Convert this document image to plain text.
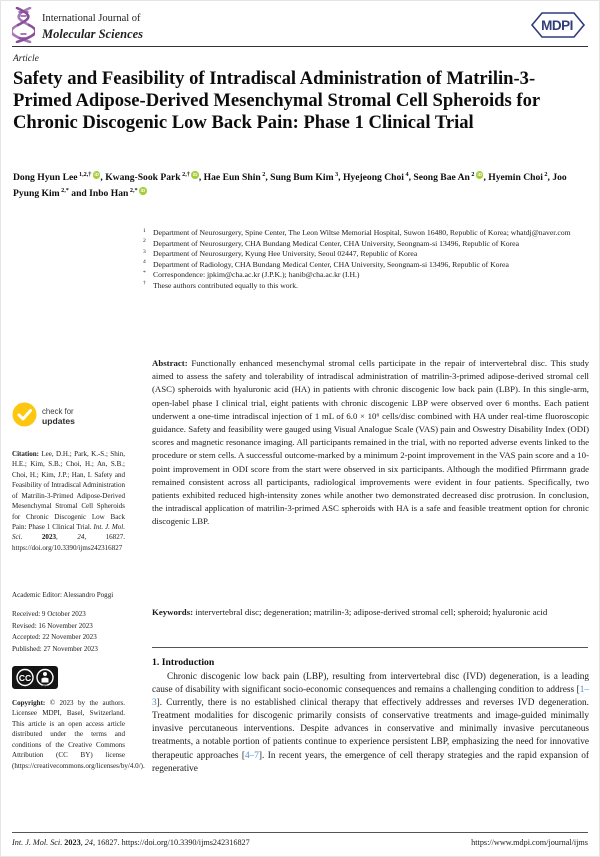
International Journal of
Molecular Sciences
MDPI
Article
Safety and Feasibility of Intradiscal Administration of Matrilin-3-Primed Adipose-Derived Mesenchymal Stromal Cell Spheroids for Chronic Discogenic Low Back Pain: Phase 1 Clinical Trial
Dong Hyun Lee $^{1,2,\dagger}$ iD , Kwang-Sook Park $^{2,\dagger}$ iD , Hae Eun Shin $^2$, Sung Bum Kim $^3$, Hyejeong Choi $^4$, Seong Bae An $^2$ iD , Hyemin Choi $^2$, Joo Pyung Kim $^{2,*}$ and Inbo Han $^{2,*}$ iD
1 Department of Neurosurgery, Spine Center, The Leon Wiltse Memorial Hospital, Suwon 16480, Republic of Korea; whatdj@naver.com
2 Department of Neurosurgery, CHA Bundang Medical Center, CHA University, Seongnam-si 13496, Republic of Korea
3 Department of Neurosurgery, Kyung Hee University, Seoul 02447, Republic of Korea
4 Department of Radiology, CHA Bundang Medical Center, CHA University, Seongnam-si 13496, Republic of Korea
* Correspondence: jpkim@cha.ac.kr (J.P.K.); hanib@cha.ac.kr (I.H.)
† These authors contributed equally to this work.

Abstract: Functionally enhanced mesenchymal stromal cells participate in the repair of intervertebral disc. This study aimed to assess the safety and tolerability of intradiscal administration of matrilin-3-primed adipose-derived stromal cell (ASC) spheroids with hyaluronic acid (HA) in patients with chronic discogenic low back pain (LBP). In this single-arm, open-label phase I clinical trial, eight patients with chronic discogenic LBP were observed over 6 months. Each patient underwent a one-time intradiscal injection of 1 mL of 6.0 × 10⁶ cells/disc combined with HA under real-time fluoroscopic guidance. Safety and feasibility were gauged using Visual Analogue Scale (VAS) pain and Oswestry Disability Index (ODI) scores and magnetic resonance imaging. All participants remained in the trial, with no reported adverse events linked to the procedure or stem cells. A successful outcome-marked by a minimum 2-point improvement in the VAS pain score and a 10-point improvement in ODI score from the start were observed in six participants. Although the modified Pfirrmann grade remained consistent across all participants, radiological improvements were evident in four patients. Specifically, two patients exhibited reduced high-intensity zones while another two demonstrated decreased disc protrusion. In conclusion, the intradiscal application of matrilin-3-primed ASC spheroids with HA is a safe and feasible treatment option for chronic discogenic LBP.

Keywords: intervertebral disc; degeneration; matrilin-3; adipose-derived stromal cell; spheroid; hyaluronic acid

1. Introduction

Chronic discogenic low back pain (LBP), resulting from intervertebral disc (IVD) degeneration, is a leading cause of disability with significant socio-economic consequences and remains a challenging condition to address [1–3]. Currently, there is no established clinical therapy that effectively addresses and reverses IVD degeneration. Treatment modalities for discogenic primarily consists of conservative treatments and image-guided minimally invasive percutaneous interventions. Despite advances in conservative and minimally invasive percutaneous treatments, a notable portion of patients continue to experience persistent LBP, emphasizing the need for innovative therapeutic approaches [4–7]. In recent years, the emergence of cell therapy strategies and the rapid expansion of regenerative

check for
updates

Citation: Lee, D.H.; Park, K.-S.; Shin, H.E.; Kim, S.B.; Choi, H.; An, S.B.; Choi, H.; Kim, J.P.; Han, I. Safety and Feasibility of Intradiscal Administration of Matrilin-3-Primed Adipose-Derived Mesenchymal Stromal Cell Spheroids for Chronic Discogenic Low Back Pain: Phase 1 Clinical Trial. Int. J. Mol. Sci. 2023, 24, 16827. https://doi.org/10.3390/ijms242316827

Academic Editor: Alessandro Poggi

Received: 9 October 2023
Revised: 16 November 2023
Accepted: 22 November 2023
Published: 27 November 2023
CC
BY

Copyright: © 2023 by the authors. Licensee MDPI, Basel, Switzerland. This article is an open access article distributed under the terms and conditions of the Creative Commons Attribution (CC BY) license (https://creativecommons.org/licenses/by/4.0/).

Int. J. Mol. Sci. 2023, 24, 16827. https://doi.org/10.3390/ijms242316827	https://www.mdpi.com/journal/ijms
